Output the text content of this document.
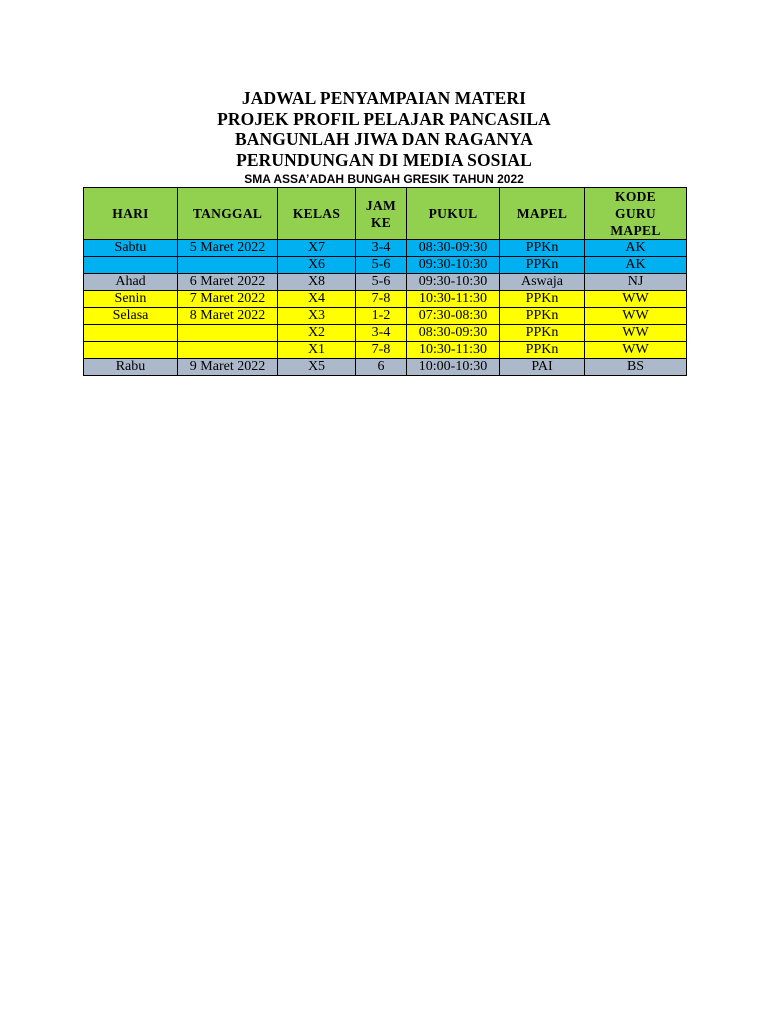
JADWAL PENYAMPAIAN MATERI
PROJEK PROFIL PELAJAR PANCASILA
BANGUNLAH JIWA DAN RAGANYA
PERUNDUNGAN DI MEDIA SOSIAL
SMA ASSA’ADAH BUNGAH GRESIK TAHUN 2022
HARI	TANGGAL	KELAS	JAM KE	PUKUL	MAPEL	KODE GURU MAPEL
Sabtu	5 Maret 2022	X7	3-4	08:30-09:30	PPKn	AK
		X6	5-6	09:30-10:30	PPKn	AK
Ahad	6 Maret 2022	X8	5-6	09:30-10:30	Aswaja	NJ
Senin	7 Maret 2022	X4	7-8	10:30-11:30	PPKn	WW
Selasa	8 Maret 2022	X3	1-2	07:30-08:30	PPKn	WW
		X2	3-4	08:30-09:30	PPKn	WW
		X1	7-8	10:30-11:30	PPKn	WW
Rabu	9 Maret 2022	X5	6	10:00-10:30	PAI	BS
